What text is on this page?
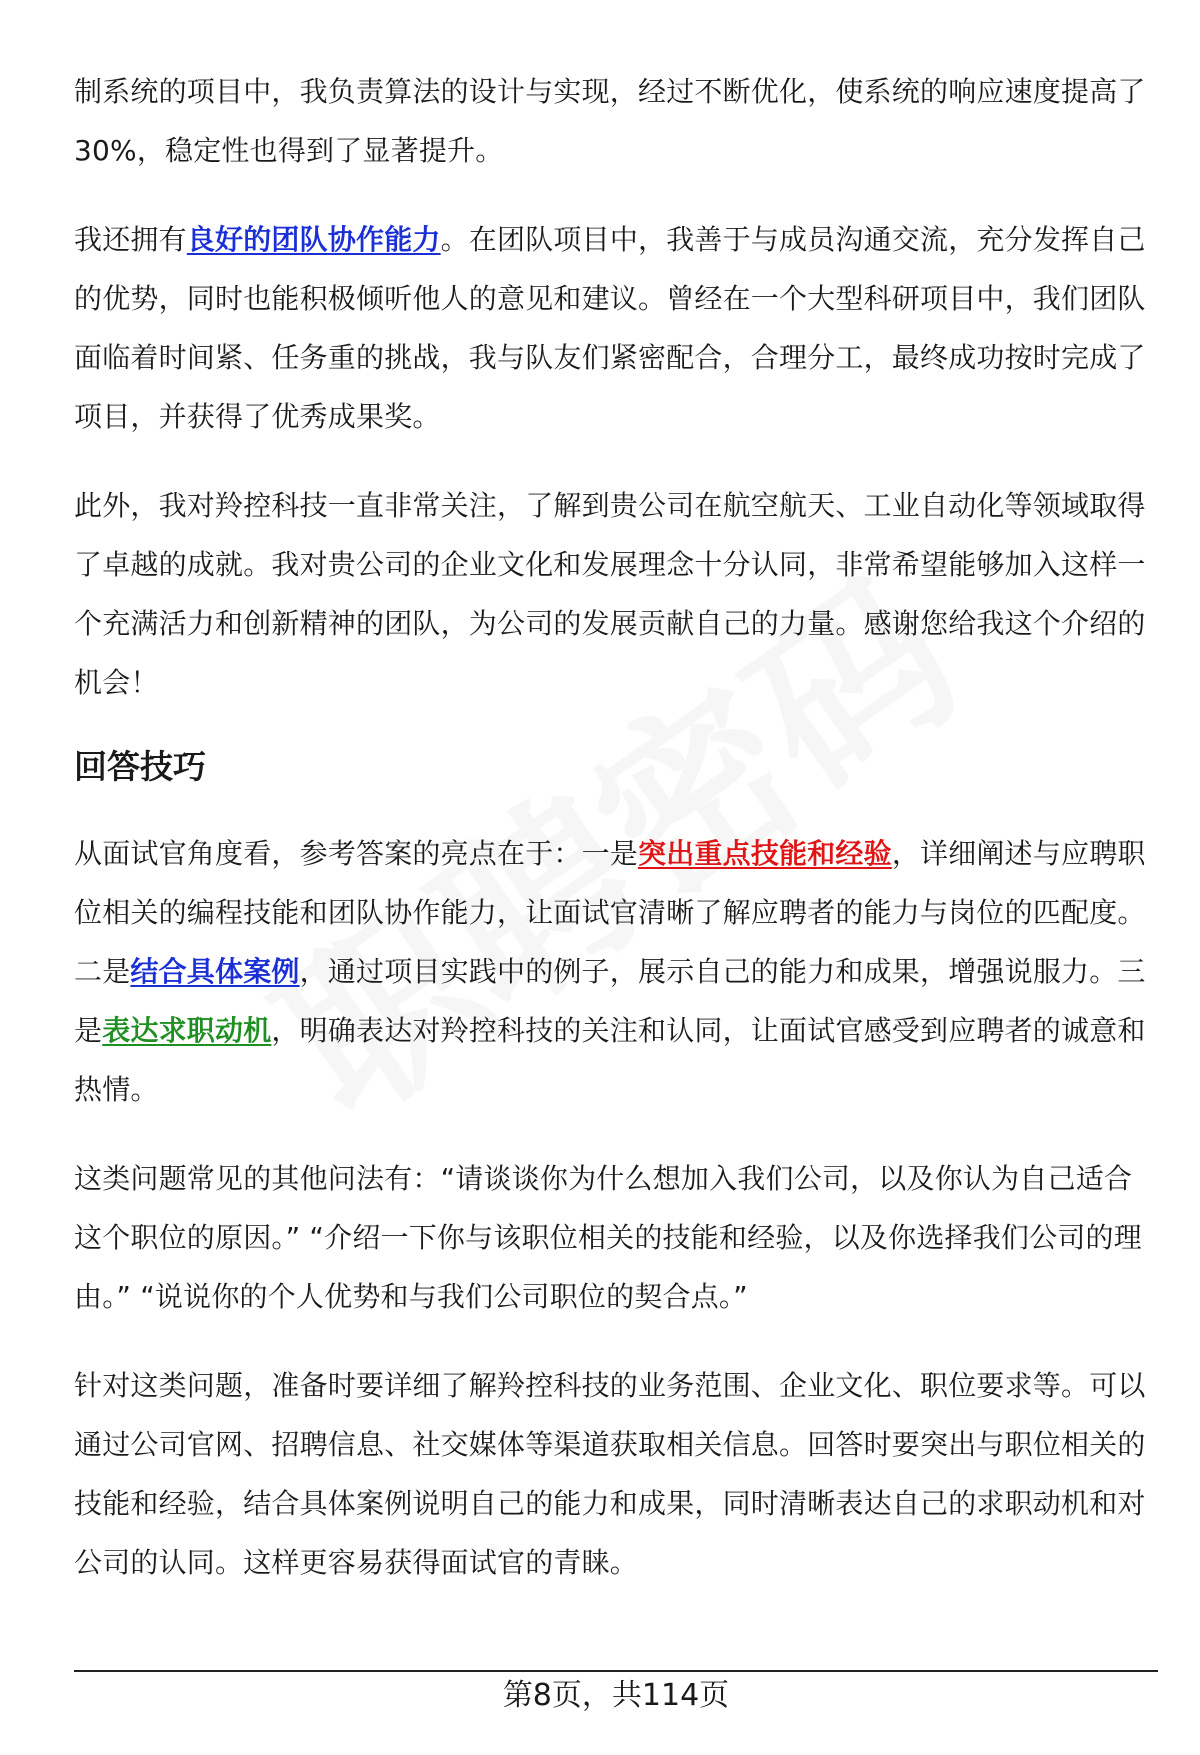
制系统的项目中，我负责算法的设计与实现，经过不断优化，使系统的响应速度提高了30%，稳定性也得到了显著提升。

我还拥有良好的团队协作能力。在团队项目中，我善于与成员沟通交流，充分发挥自己的优势，同时也能积极倾听他人的意见和建议。曾经在一个大型科研项目中，我们团队面临着时间紧、任务重的挑战，我与队友们紧密配合，合理分工，最终成功按时完成了项目，并获得了优秀成果奖。

此外，我对羚控科技一直非常关注，了解到贵公司在航空航天、工业自动化等领域取得了卓越的成就。我对贵公司的企业文化和发展理念十分认同，非常希望能够加入这样一个充满活力和创新精神的团队，为公司的发展贡献自己的力量。感谢您给我这个介绍的机会！

回答技巧

从面试官角度看，参考答案的亮点在于：一是突出重点技能和经验，详细阐述与应聘职位相关的编程技能和团队协作能力，让面试官清晰了解应聘者的能力与岗位的匹配度。二是结合具体案例，通过项目实践中的例子，展示自己的能力和成果，增强说服力。三是表达求职动机，明确表达对羚控科技的关注和认同，让面试官感受到应聘者的诚意和热情。

这类问题常见的其他问法有：“请谈谈你为什么想加入我们公司，以及你认为自己适合这个职位的原因。” “介绍一下你与该职位相关的技能和经验，以及你选择我们公司的理由。” “说说你的个人优势和与我们公司职位的契合点。”

针对这类问题，准备时要详细了解羚控科技的业务范围、企业文化、职位要求等。可以通过公司官网、招聘信息、社交媒体等渠道获取相关信息。回答时要突出与职位相关的技能和经验，结合具体案例说明自己的能力和成果，同时清晰表达自己的求职动机和对公司的认同。这样更容易获得面试官的青睐。

第8页，共114页
